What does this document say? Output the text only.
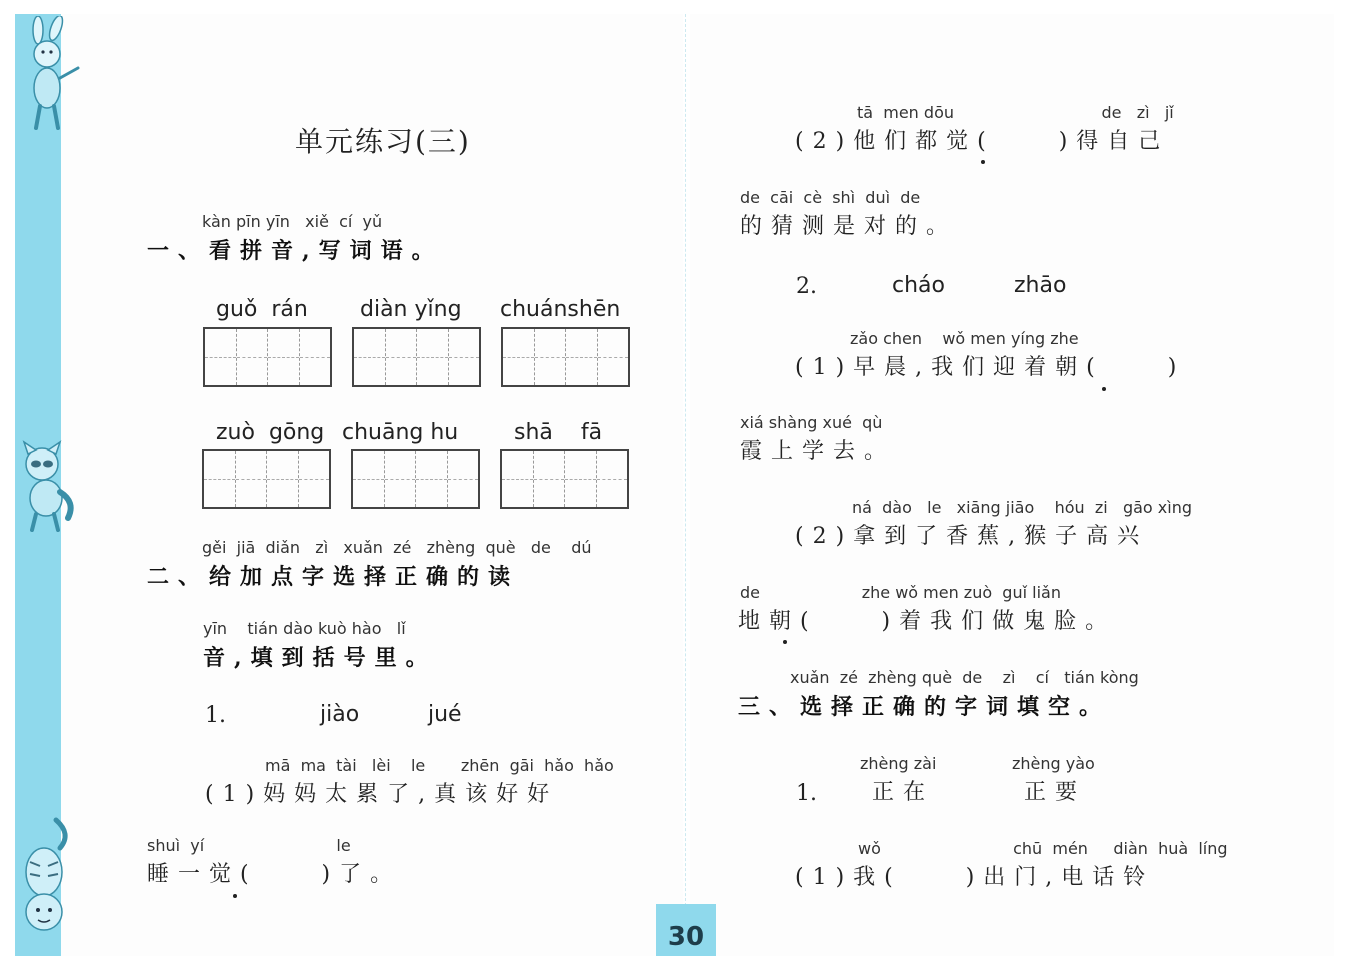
单元练习(三)
kàn pīn yīn   xiě  cí  yǔ
一、看拼音,写词语。
guǒ  rán diàn yǐng chuánshēn
zuò  gōng chuāng hu	shā    fā
gěi  jiā  diǎn   zì   xuǎn  zé   zhèng  què   de    dú
二、给加点字选择正确的读
yīn    tián dào kuò hào   lǐ
音,填到括号里。
1.	jiào	jué
mā  ma  tài   lèi    le       zhēn  gāi  hǎo  hǎo
(1)妈妈太累了,真该好好
shuì  yí                          le
睡一觉(    )了。
tā  men dōu                             de   zì   jǐ
(2)他们都觉(    )得自己
de  cāi  cè  shì  duì  de
的猜测是对的。
2.	cháo	zhāo
zǎo chen    wǒ men yíng zhe
(1)早晨,我们迎着朝(    )
xiá shàng xué  qù
霞上学去。
ná  dào   le   xiāng jiāo    hóu  zi   gāo xìng
(2)拿到了香蕉,猴子高兴
de                    zhe wǒ men zuò  guǐ liǎn
地朝(    )着我们做鬼脸。
xuǎn  zé  zhèng què  de    zì    cí   tián kòng
三、选择正确的字词填空。
1.
zhèng zài
正在
zhèng yào
正要
wǒ                          chū  mén     diàn  huà  líng
(1)我(    )出门,电话铃
30
